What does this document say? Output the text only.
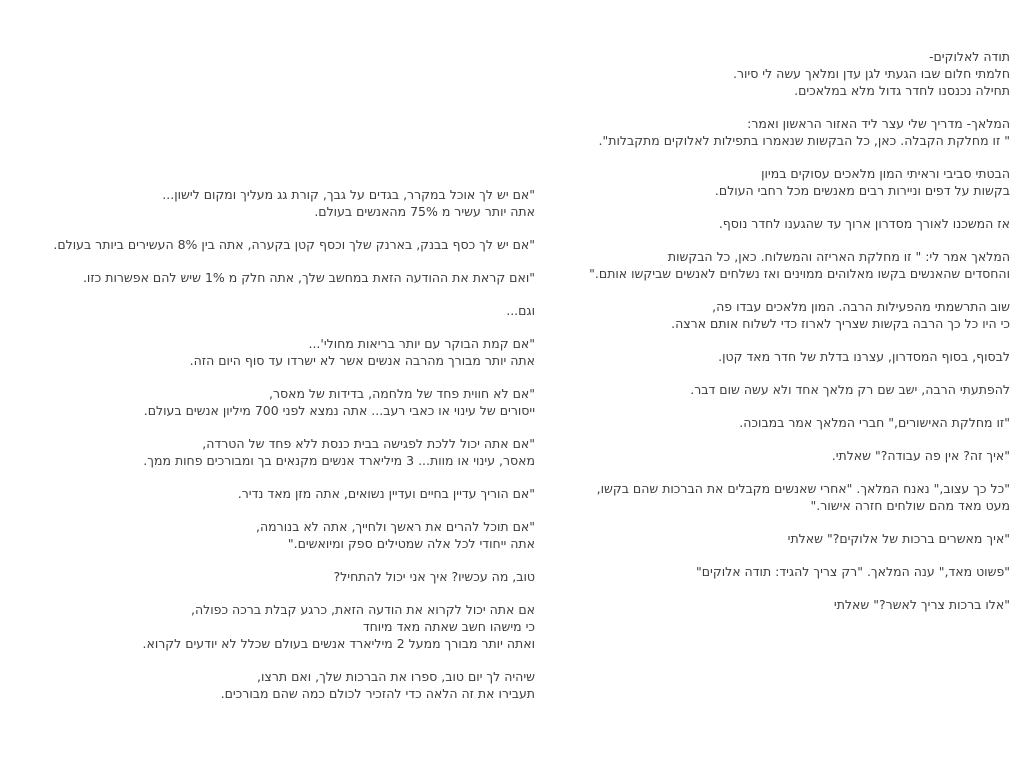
תודה לאלוקים-
חלמתי חלום שבו הגעתי לגן עדן ומלאך עשה לי סיור.
תחילה נכנסנו לחדר גדול מלא במלאכים.

המלאך- מדריך שלי עצר ליד האזור הראשון ואמר:
" זו מחלקת הקבלה. כאן, כל הבקשות שנאמרו בתפילות לאלוקים מתקבלות".

הבטתי סביבי וראיתי המון מלאכים עסוקים במיון
בקשות על דפים וניירות רבים מאנשים מכל רחבי העולם.

אז המשכנו לאורך מסדרון ארוך עד שהגענו לחדר נוסף.

המלאך אמר לי: " זו מחלקת האריזה והמשלוח. כאן, כל הבקשות
והחסדים שהאנשים בקשו מאלוהים ממוינים ואז נשלחים לאנשים שביקשו אותם."

שוב התרשמתי מהפעילות הרבה. המון מלאכים עבדו פה,
כי היו כל כך הרבה בקשות שצריך לארוז כדי לשלוח אותם ארצה.

לבסוף, בסוף המסדרון, עצרנו בדלת של חדר מאד קטן.

להפתעתי הרבה, ישב שם רק מלאך אחד ולא עשה שום דבר.

"זו מחלקת האישורים," חברי המלאך אמר במבוכה.

"איך זה? אין פה עבודה?" שאלתי.

"כל כך עצוב," נאנח המלאך. "אחרי שאנשים מקבלים את הברכות שהם בקשו,
מעט מאד מהם שולחים חזרה אישור."

"איך מאשרים ברכות של אלוקים?" שאלתי

"פשוט מאד," ענה המלאך. "רק צריך להגיד: תודה אלוקים"

"אלו ברכות צריך לאשר?" שאלתי

"אם יש לך אוכל במקרר, בגדים על גבך, קורת גג מעליך ומקום לישון...
אתה יותר עשיר מ 75% מהאנשים בעולם.

"אם יש לך כסף בבנק, בארנק שלך וכסף קטן בקערה, אתה בין 8% העשירים ביותר בעולם.

"ואם קראת את ההודעה הזאת במחשב שלך, אתה חלק מ 1% שיש להם אפשרות כזו.

וגם...

"אם קמת הבוקר עם יותר בריאות מחולי'...
אתה יותר מבורך מהרבה אנשים אשר לא ישרדו עד סוף היום הזה.

"אם לא חווית פחד של מלחמה, בדידות של מאסר,
ייסורים של עינוי או כאבי רעב... אתה נמצא לפני 700 מיליון אנשים בעולם.

"אם אתה יכול ללכת לפגישה בבית כנסת ללא פחד של הטרדה,
מאסר, עינוי או מוות... 3 מיליארד אנשים מקנאים בך ומבורכים פחות ממך.

"אם הוריך עדיין בחיים ועדיין נשואים, אתה מזן מאד נדיר.

"אם תוכל להרים את ראשך ולחייך, אתה לא בנורמה,
אתה ייחודי לכל אלה שמטילים ספק ומיואשים."

טוב, מה עכשיו? איך אני יכול להתחיל?

אם אתה יכול לקרוא את הודעה הזאת, כרגע קבלת ברכה כפולה,
כי מישהו חשב שאתה מאד מיוחד
ואתה יותר מבורך ממעל 2 מיליארד אנשים בעולם שכלל לא יודעים לקרוא.

שיהיה לך יום טוב, ספרו את הברכות שלך, ואם תרצו,
תעבירו את זה הלאה כדי להזכיר לכולם כמה שהם מבורכים.
